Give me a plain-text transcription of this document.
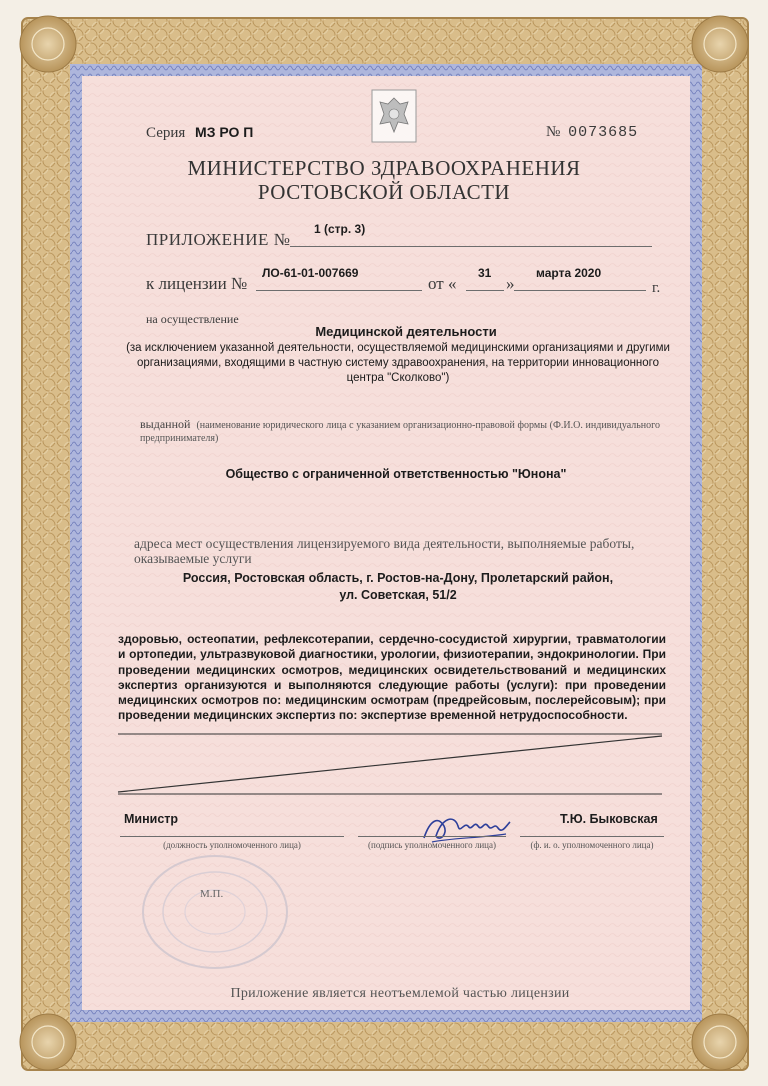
Серия МЗ РО П	№ 0073685
МИНИСТЕРСТВО ЗДРАВООХРАНЕНИЯ
РОСТОВСКОЙ ОБЛАСТИ
ПРИЛОЖЕНИЕ №
1 (стр. 3)
к лицензии №
ЛО-61-01-007669
от «
31
»
марта 2020
г.
на осуществление
Медицинской деятельности
(за исключением указанной деятельности, осуществляемой медицинскими организациями и другими организациями, входящими в частную систему здравоохранения, на территории инновационного центра "Сколково")
выданной (наименование юридического лица с указанием организационно-правовой формы (Ф.И.О. индивидуального предпринимателя)
Общество с ограниченной ответственностью "Юнона"
адреса мест осуществления лицензируемого вида деятельности, выполняемые работы, оказываемые услуги
Россия, Ростовская область, г. Ростов-на-Дону, Пролетарский район,
ул. Советская, 51/2
здоровью, остеопатии, рефлексотерапии, сердечно-сосудистой хирургии, травматологии и ортопедии, ультразвуковой диагностики, урологии, физиотерапии, эндокринологии. При проведении медицинских осмотров, медицинских освидетельствований и медицинских экспертиз организуются и выполняются следующие работы (услуги): при проведении медицинских осмотров по: медицинским осмотрам (предрейсовым, послерейсовым); при проведении медицинских экспертиз по: экспертизе временной нетрудоспособности.
Министр
(должность уполномоченного лица)	(подпись уполномоченного лица)
Т.Ю. Быковская
(ф. и. о. уполномоченного лица)
М.П.
Приложение является неотъемлемой частью лицензии
